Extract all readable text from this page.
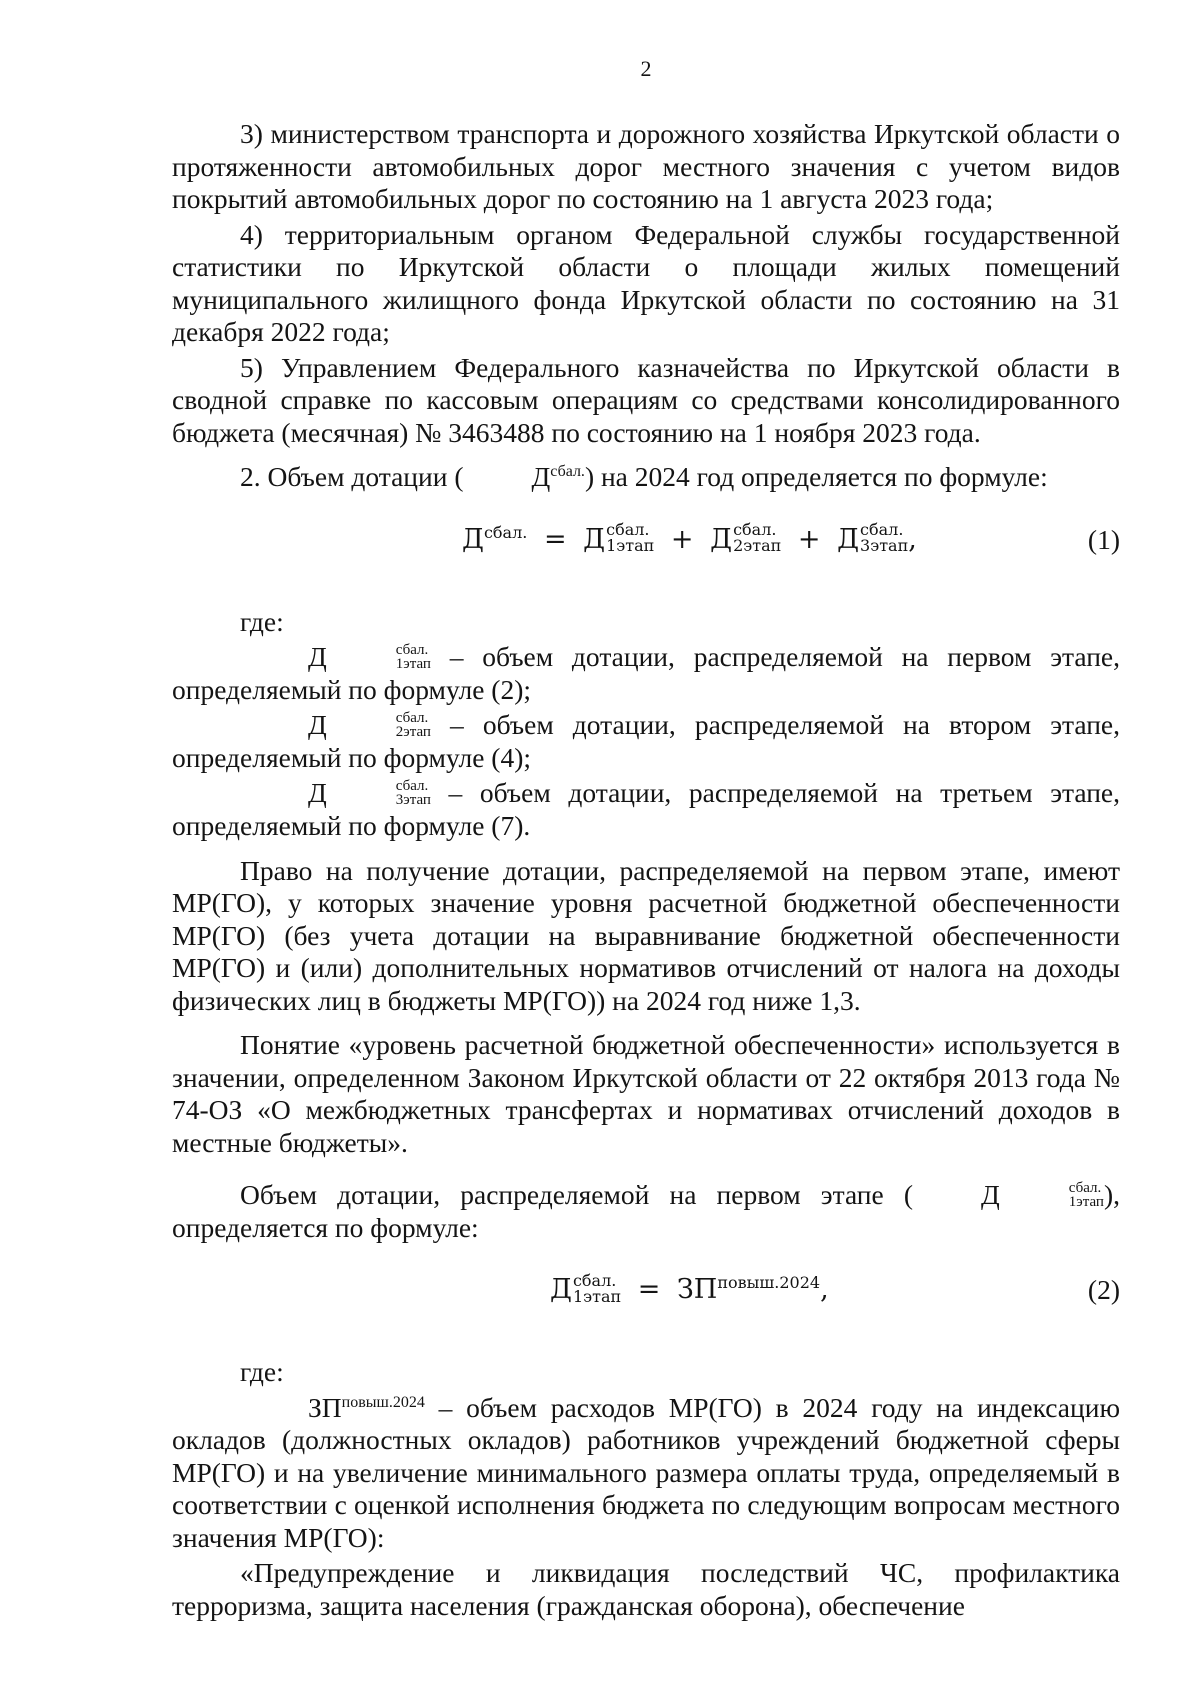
2

3) министерством транспорта и дорожного хозяйства Иркутской области о протяженности автомобильных дорог местного значения с учетом видов покрытий автомобильных дорог по состоянию на 1 августа 2023 года;

4) территориальным органом Федеральной службы государственной статистики по Иркутской области о площади жилых помещений муниципального жилищного фонда Иркутской области по состоянию на 31 декабря 2022 года;

5) Управлением Федерального казначейства по Иркутской области в сводной справке по кассовым операциям со средствами консолидированного бюджета (месячная) № 3463488 по состоянию на 1 ноября 2023 года.

2. Объем дотации ( $Д^{сбал.}$) на 2024 год определяется по формуле:

$Д^{сбал.} = Д$ сбал.
1этап + Д сбал.
2этап + Д сбал.
3этап ,	(1)

где:

Д	сбал.
1этап – объем дотации, распределяемой на первом этапе, определяемый по формуле (2);

Д	сбал.
2этап – объем дотации, распределяемой на втором этапе, определяемый по формуле (4);

Д	сбал.
3этап – объем дотации, распределяемой на третьем этапе, определяемый по формуле (7).

Право на получение дотации, распределяемой на первом этапе, имеют МР(ГО), у которых значение уровня расчетной бюджетной обеспеченности МР(ГО) (без учета дотации на выравнивание бюджетной обеспеченности МР(ГО) и (или) дополнительных нормативов отчислений от налога на доходы физических лиц в бюджеты МР(ГО)) на 2024 год ниже 1,3.

Понятие «уровень расчетной бюджетной обеспеченности» используется в значении, определенном Законом Иркутской области от 22 октября 2013 года № 74-ОЗ «О межбюджетных трансфертах и нормативах отчислений доходов в местные бюджеты».

Объем дотации, распределяемой на первом этапе ( Д	сбал.
1этап ), определяется по формуле:

Д сбал.
1этап = $ЗП^{повыш.2024}$,	(2)

где:

$ЗП^{повыш.2024}$ – объем расходов МР(ГО) в 2024 году на индексацию окладов (должностных окладов) работников учреждений бюджетной сферы МР(ГО) и на увеличение минимального размера оплаты труда, определяемый в соответствии с оценкой исполнения бюджета по следующим вопросам местного значения МР(ГО):

«Предупреждение и ликвидация последствий ЧС, профилактика терроризма, защита населения (гражданская оборона), обеспечение
